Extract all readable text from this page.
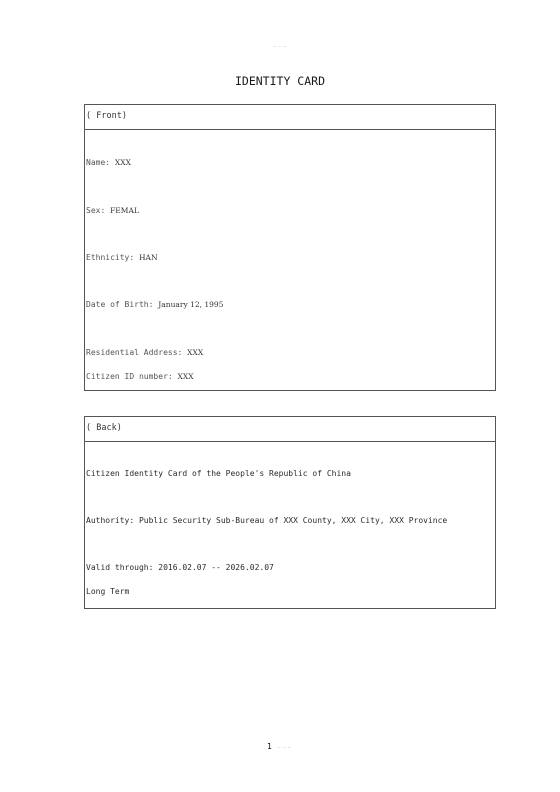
~~~
IDENTITY CARD
( Front)
Name: XXX
Sex: FEMAL
Ethnicity: HAN
Date of Birth: January 12, 1995
Residential Address: XXX
Citizen ID number: XXX
( Back)
Citizen Identity Card of the People's Republic of China
Authority: Public Security Sub-Bureau of XXX County, XXX City, XXX Province
Valid through: 2016.02.07 -- 2026.02.07
Long Term
1 ~~~
